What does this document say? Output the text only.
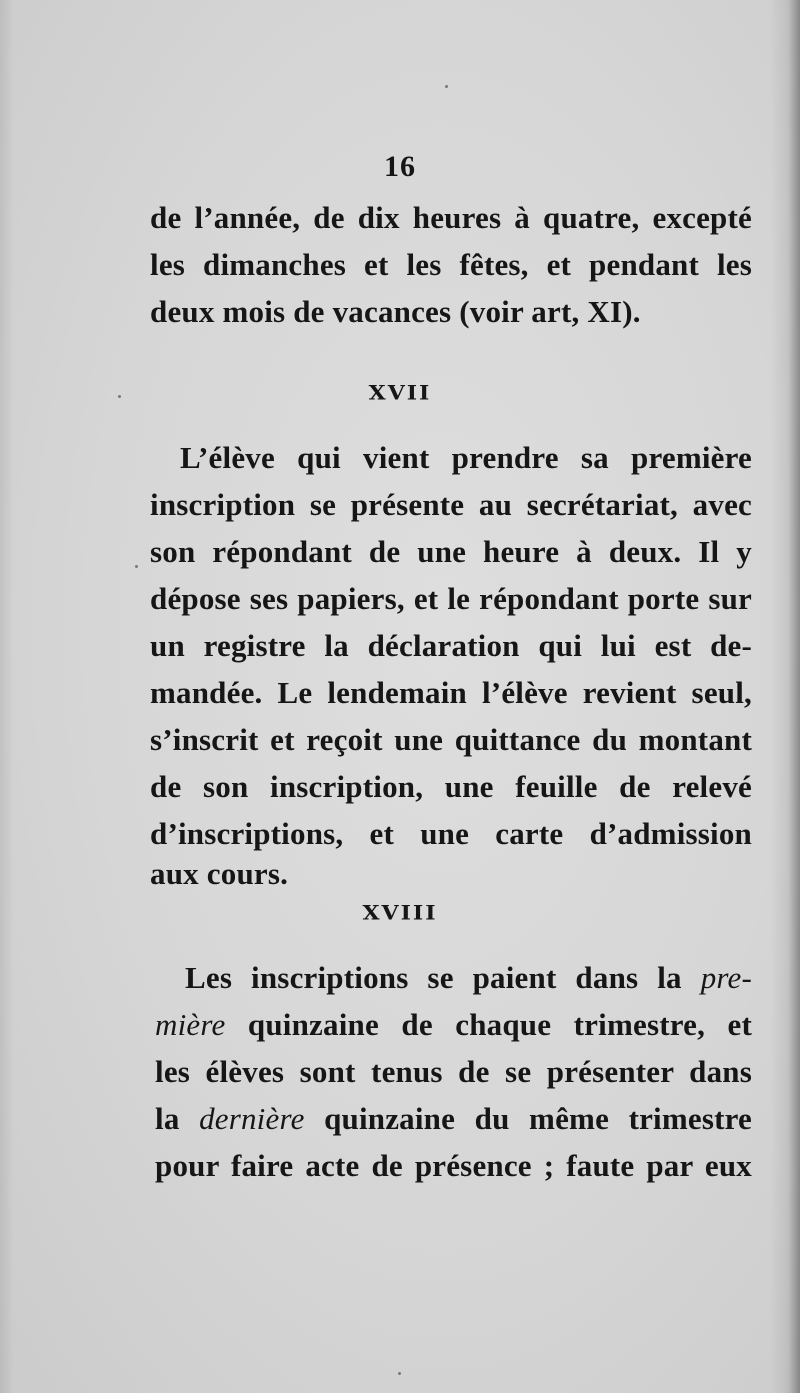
16
de l’année, de dix heures à quatre, excepté
les dimanches et les fêtes, et pendant les
deux mois de vacances (voir art, XI).
XVII
L’élève qui vient prendre sa première
inscription se présente au secrétariat, avec
son répondant de une heure à deux. Il y
dépose ses papiers, et le répondant porte sur
un registre la déclaration qui lui est de-
mandée. Le lendemain l’élève revient seul,
s’inscrit et reçoit une quittance du montant
de son inscription, une feuille de relevé
d’inscriptions, et une carte d’admission
aux cours.
XVIII
Les inscriptions se paient dans la pre-
mière quinzaine de chaque trimestre, et
les élèves sont tenus de se présenter dans
la dernière quinzaine du même trimestre
pour faire acte de présence ; faute par eux
